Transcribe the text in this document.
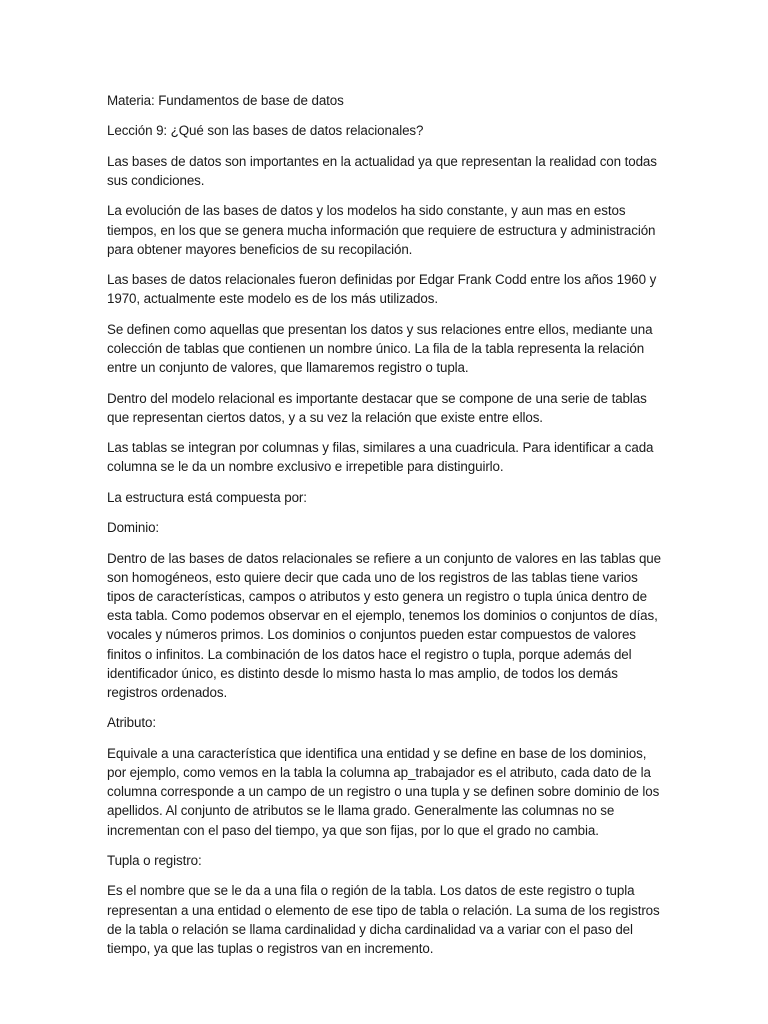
Materia: Fundamentos de base de datos

Lección 9: ¿Qué son las bases de datos relacionales?

Las bases de datos son importantes en la actualidad ya que representan la realidad con todas sus condiciones.

La evolución de las bases de datos y los modelos ha sido constante, y aun mas en estos tiempos, en los que se genera mucha información que requiere de estructura y administración para obtener mayores beneficios de su recopilación.

Las bases de datos relacionales fueron definidas por Edgar Frank Codd entre los años 1960 y 1970, actualmente este modelo es de los más utilizados.

Se definen como aquellas que presentan los datos y sus relaciones entre ellos, mediante una colección de tablas que contienen un nombre único. La fila de la tabla representa la relación entre un conjunto de valores, que llamaremos registro o tupla.

Dentro del modelo relacional es importante destacar que se compone de una serie de tablas que representan ciertos datos, y a su vez la relación que existe entre ellos.

Las tablas se integran por columnas y filas, similares a una cuadricula. Para identificar a cada columna se le da un nombre exclusivo e irrepetible para distinguirlo.

La estructura está compuesta por:

Dominio:

Dentro de las bases de datos relacionales se refiere a un conjunto de valores en las tablas que son homogéneos, esto quiere decir que cada uno de los registros de las tablas tiene varios tipos de características, campos o atributos y esto genera un registro o tupla única dentro de esta tabla. Como podemos observar en el ejemplo, tenemos los dominios o conjuntos de días, vocales y números primos. Los dominios o conjuntos pueden estar compuestos de valores finitos o infinitos. La combinación de los datos hace el registro o tupla, porque además del identificador único, es distinto desde lo mismo hasta lo mas amplio, de todos los demás registros ordenados.

Atributo:

Equivale a una característica que identifica una entidad y se define en base de los dominios, por ejemplo, como vemos en la tabla la columna ap_trabajador es el atributo, cada dato de la columna corresponde a un campo de un registro o una tupla y se definen sobre dominio de los apellidos. Al conjunto de atributos se le llama grado. Generalmente las columnas no se incrementan con el paso del tiempo, ya que son fijas, por lo que el grado no cambia.

Tupla o registro:

Es el nombre que se le da a una fila o región de la tabla. Los datos de este registro o tupla representan a una entidad o elemento de ese tipo de tabla o relación. La suma de los registros de la tabla o relación se llama cardinalidad y dicha cardinalidad va a variar con el paso del tiempo, ya que las tuplas o registros van en incremento.
